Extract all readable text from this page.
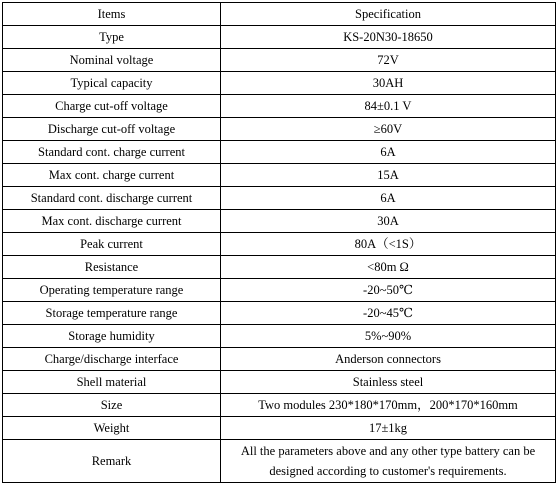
Items	Specification
Type	KS-20N30-18650
Nominal voltage	72V
Typical capacity	30AH
Charge cut-off voltage	84±0.1 V
Discharge cut-off voltage	≥60V
Standard cont. charge current	6A
Max cont. charge current	15A
Standard cont. discharge current	6A
Max cont. discharge current	30A
Peak current	80A（<1S）
Resistance	<80m Ω
Operating temperature range	-20~50℃
Storage temperature range	-20~45℃
Storage humidity	5%~90%
Charge/discharge interface	Anderson connectors
Shell material	Stainless steel
Size	Two modules 230*180*170mm，200*170*160mm
Weight	17±1kg
Remark	All the parameters above and any other type battery can be designed according to customer's requirements.
